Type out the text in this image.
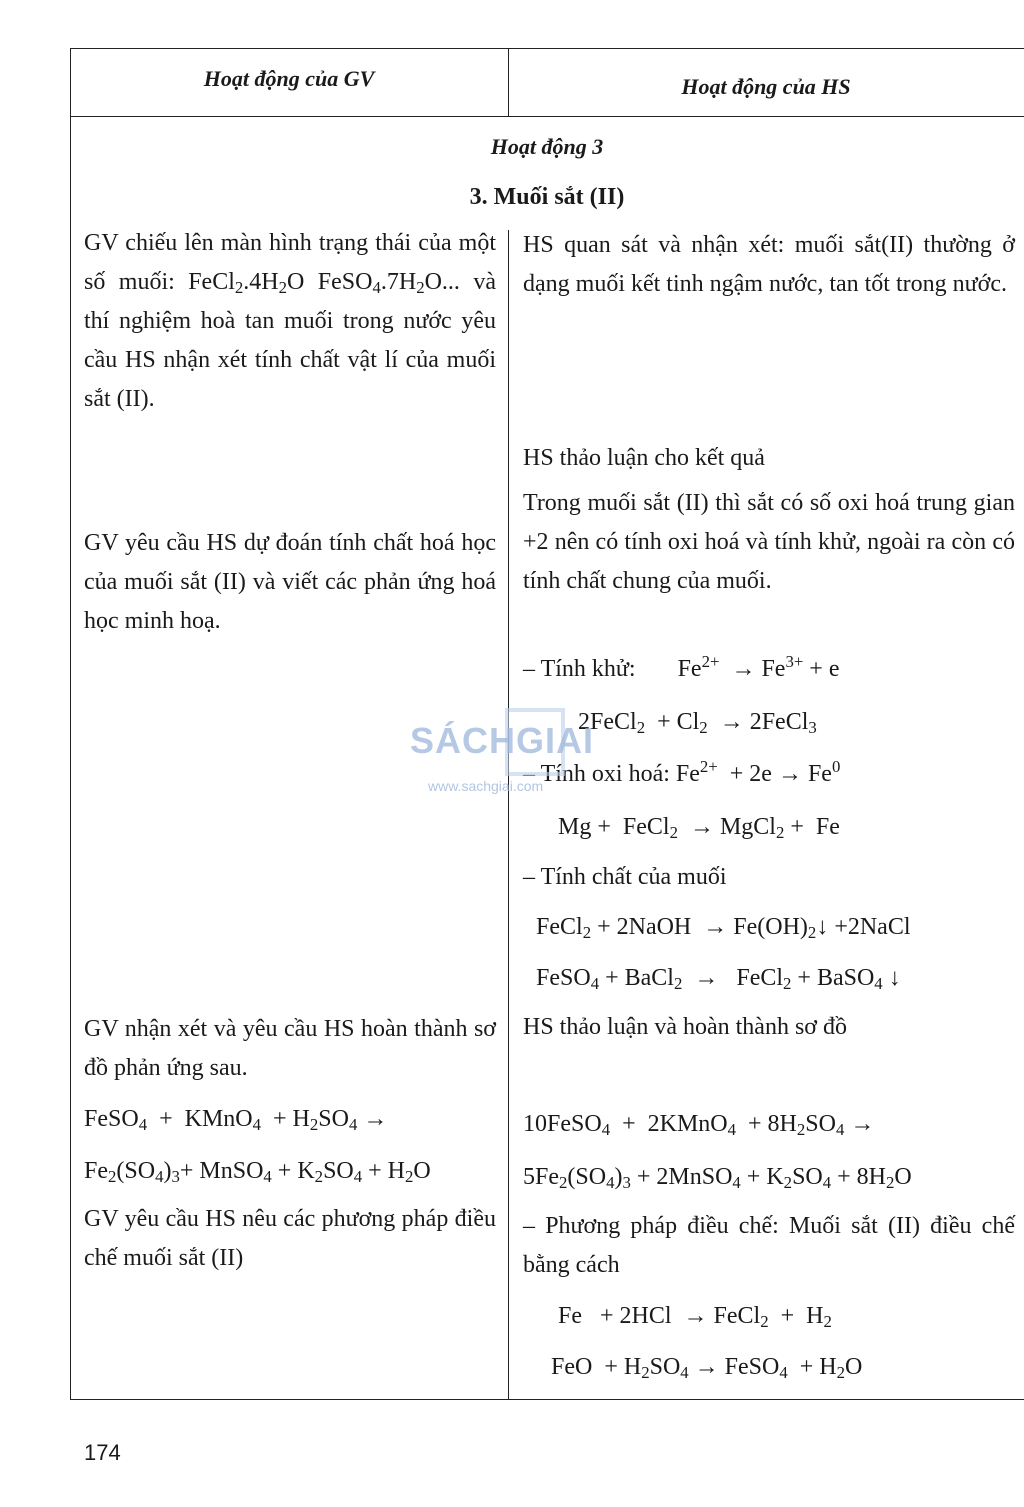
Hoạt động của GV	Hoạt động của HS
Hoạt động 3
3. Muối sắt (II)

GV chiếu lên màn hình trạng thái của một số muối: $FeCl_2.4H_2O$ $FeSO_4.7H_2O$... và thí nghiệm hoà tan muối trong nước yêu cầu HS nhận xét tính chất vật lí của muối sắt (II).

GV yêu cầu HS dự đoán tính chất hoá học của muối sắt (II) và viết các phản ứng hoá học minh hoạ.
GV nhận xét và yêu cầu HS hoàn thành sơ đồ phản ứng sau.
FeSO$_4$  +  KMnO$_4$  + $H_2SO_4$ →
$Fe_2(SO_4)_3+$ MnSO$_4$ + $K_2SO_4 + H_2O$
GV yêu cầu HS nêu các phương pháp điều chế muối sắt (II)
HS quan sát và nhận xét: muối sắt(II) thường ở dạng muối kết tinh ngậm nước, tan tốt trong nước.
HS thảo luận cho kết quả
Trong muối sắt (II) thì sắt có số oxi hoá trung gian +2 nên có tính oxi hoá và tính khử, ngoài ra còn có tính chất chung của muối.
– Tính khử:       $Fe^{2+} \to Fe^{3+} + e$
2FeCl$_2$  + $Cl_2$  → 2FeCl$_3$
– Tính oxi hoá: $Fe^{2+} + 2e \to Fe^0$
Mg +  FeCl$_2$  → MgCl$_2$ +  Fe
– Tính chất của muối
FeCl$_2$ + 2NaOH  → $Fe(OH)_2↓$ +2NaCl
FeSO$_4$ + BaCl$_2$  →   FeCl$_2$ + BaSO$_4$ ↓
HS thảo luận và hoàn thành sơ đồ
10FeSO$_4$  +  2KMnO$_4$  + $8H_2SO_4$ →
$5Fe_2(SO_4)_3$ + 2MnSO$_4$ + $K_2SO_4 + 8H_2O$
– Phương pháp điều chế: Muối sắt (II) điều chế bằng cách
Fe   + 2HCl  → FeCl$_2$  +  $H_2$
FeO  + $H_2SO_4$ → FeSO$_4$  + $H_2O$
SÁCHGIAI
www.sachgiai.com
174
